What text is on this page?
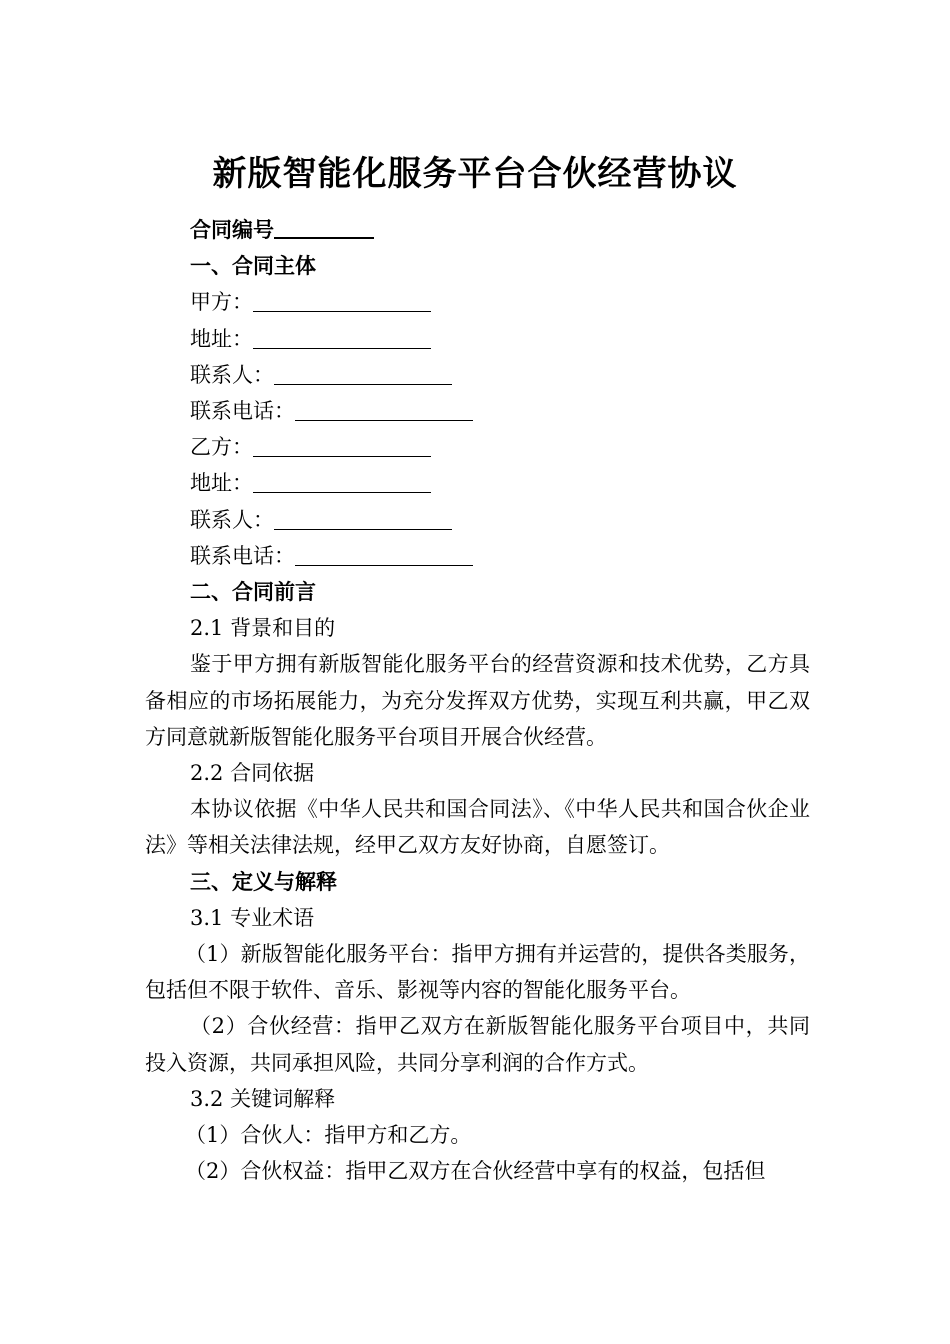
新版智能化服务平台合伙经营协议
合同编号
一、合同主体
甲方：
地址：
联系人：
联系电话：
乙方：
地址：
联系人：
联系电话：
二、合同前言
2.1 背景和目的
鉴于甲方拥有新版智能化服务平台的经营资源和技术优势，乙方具备相应的市场拓展能力，为充分发挥双方优势，实现互利共赢，甲乙双方同意就新版智能化服务平台项目开展合伙经营。
2.2 合同依据
本协议依据《中华人民共和国合同法》、《中华人民共和国合伙企业法》等相关法律法规，经甲乙双方友好协商，自愿签订。
三、定义与解释
3.1 专业术语
（1）新版智能化服务平台：指甲方拥有并运营的，提供各类服务，包括但不限于软件、音乐、影视等内容的智能化服务平台。
（2）合伙经营：指甲乙双方在新版智能化服务平台项目中，共同投入资源，共同承担风险，共同分享利润的合作方式。
3.2 关键词解释
（1）合伙人：指甲方和乙方。
（2）合伙权益：指甲乙双方在合伙经营中享有的权益，包括但
